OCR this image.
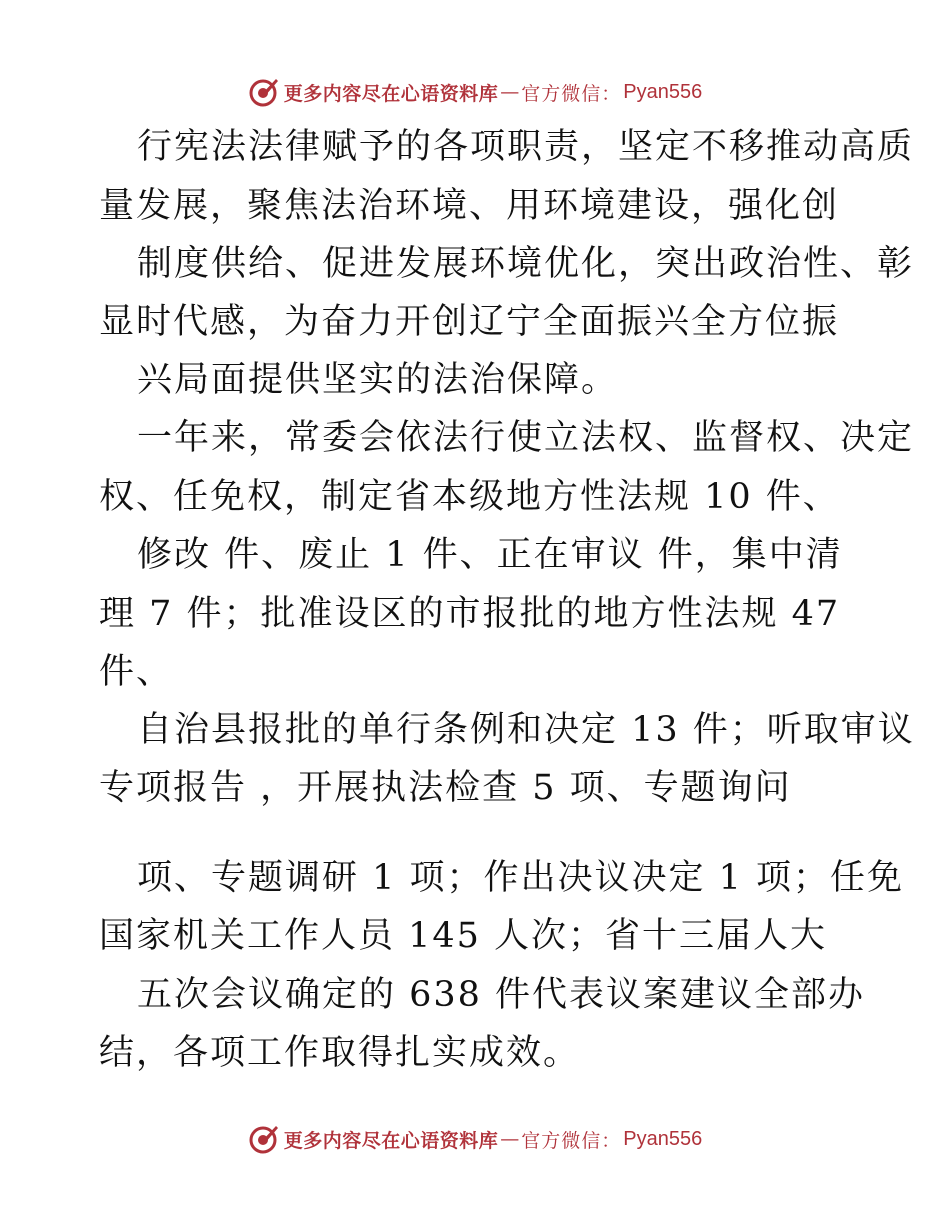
更多内容尽在心语资料库 — 官方微信： Pyan556
行宪法法律赋予的各项职责，坚定不移推动高质
量发展，聚焦法治环境、用环境建设，强化创
制度供给、促进发展环境优化，突出政治性、彰
显时代感，为奋力开创辽宁全面振兴全方位振
兴局面提供坚实的法治保障。
一年来，常委会依法行使立法权、监督权、决定
权、任免权，制定省本级地方性法规 10 件、
修改 件、废止 1 件、正在审议 件，集中清
理 7 件；批准设区的市报批的地方性法规 47
件、
自治县报批的单行条例和决定 13 件；听取审议
专项报告 ，开展执法检查 5 项、专题询问
项、专题调研 1 项；作出决议决定 1 项；任免
国家机关工作人员 145 人次；省十三届人大
五次会议确定的 638 件代表议案建议全部办
结，各项工作取得扎实成效。
更多内容尽在心语资料库 — 官方微信： Pyan556
